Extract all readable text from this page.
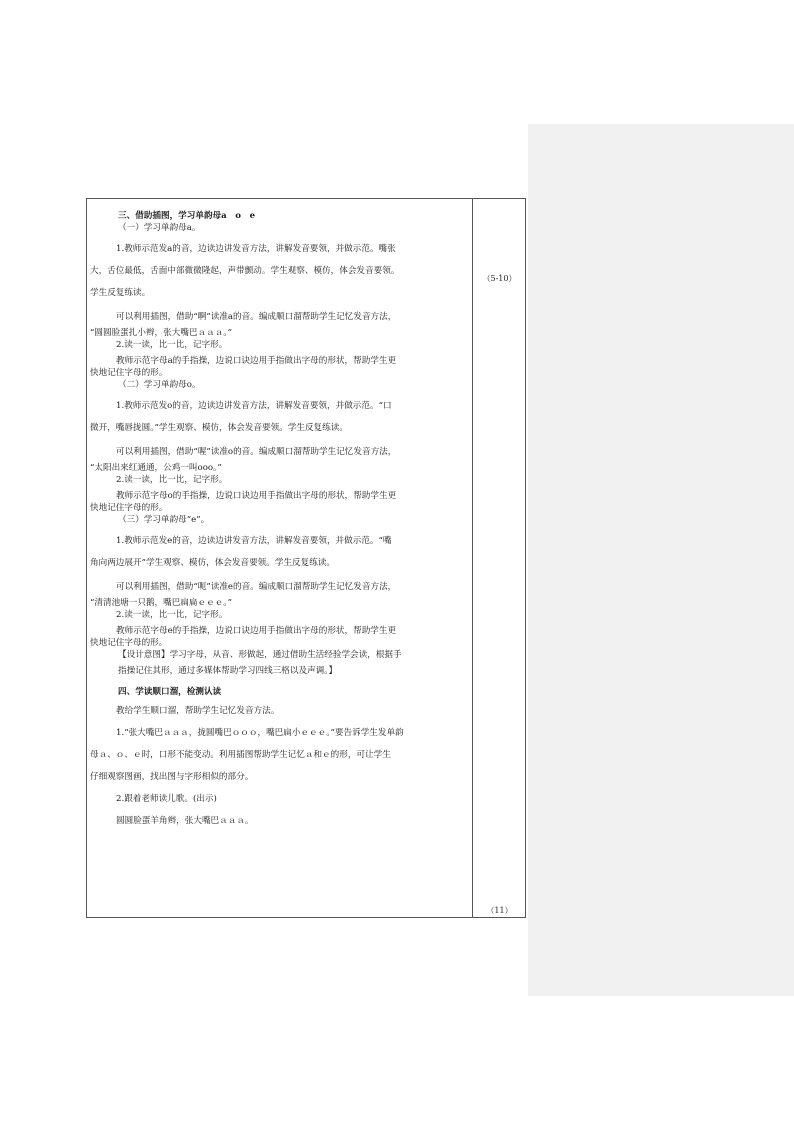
三、借助插图，学习单韵母a　o　e

（一）学习单韵母a。

1.教师示范发a的音，边读边讲发音方法，讲解发音要领，并做示范。嘴张

大，舌位最低，舌面中部微微隆起，声带颤动。学生观察、模仿，体会发音要领。

学生反复练读。

可以利用插图，借助“啊”读准a的音。编成顺口溜帮助学生记忆发音方法，

“圆圆脸蛋扎小辫，张大嘴巴ａａａ。”

2.读一读，比一比，记字形。

教师示范字母a的手指操，边说口诀边用手指做出字母的形状，帮助学生更

快地记住字母的形。

（二）学习单韵母o。

1.教师示范发o的音，边读边讲发音方法，讲解发音要领，并做示范。“口

微开，嘴唇拢圆。”学生观察、模仿，体会发音要领。学生反复练读。

可以利用插图，借助“喔”读准o的音。编成顺口溜帮助学生记忆发音方法，

“太阳出来红通通，公鸡一叫ooo。”

2.读一读，比一比，记字形。

教师示范字母o的手指操，边说口诀边用手指做出字母的形状，帮助学生更

快地记住字母的形。

（三）学习单韵母“e”。

1.教师示范发e的音，边读边讲发音方法，讲解发音要领，并做示范。“嘴

角向两边展开”学生观察、模仿，体会发音要领。学生反复练读。

可以利用插图，借助“呃”读准e的音。编成顺口溜帮助学生记忆发音方法，

“清清池塘一只鹅，嘴巴扁扁ｅｅｅ。”

2.读一读，比一比，记字形。

教师示范字母e的手指操，边说口诀边用手指做出字母的形状，帮助学生更

快地记住字母的形。

【设计意图】学习字母，从音、形做起，通过借助生活经验学会读，根据手

指操记住其形，通过多媒体帮助学习四线三格以及声调。】

四、学读顺口溜，检测认读

教给学生顺口溜，帮助学生记忆发音方法。

1.“张大嘴巴ａａａ，拢圆嘴巴ｏｏｏ，嘴巴扁小ｅｅｅ。”要告诉学生发单韵

母ａ、ｏ、ｅ时，口形不能变动。利用插图帮助学生记忆ａ和ｅ的形，可让学生

仔细观察图画，找出图与字形相似的部分。

2.跟着老师读儿歌。(出示)

圆圆脸蛋羊角辫，张大嘴巴ａａａ。

（5-10）
（11）
